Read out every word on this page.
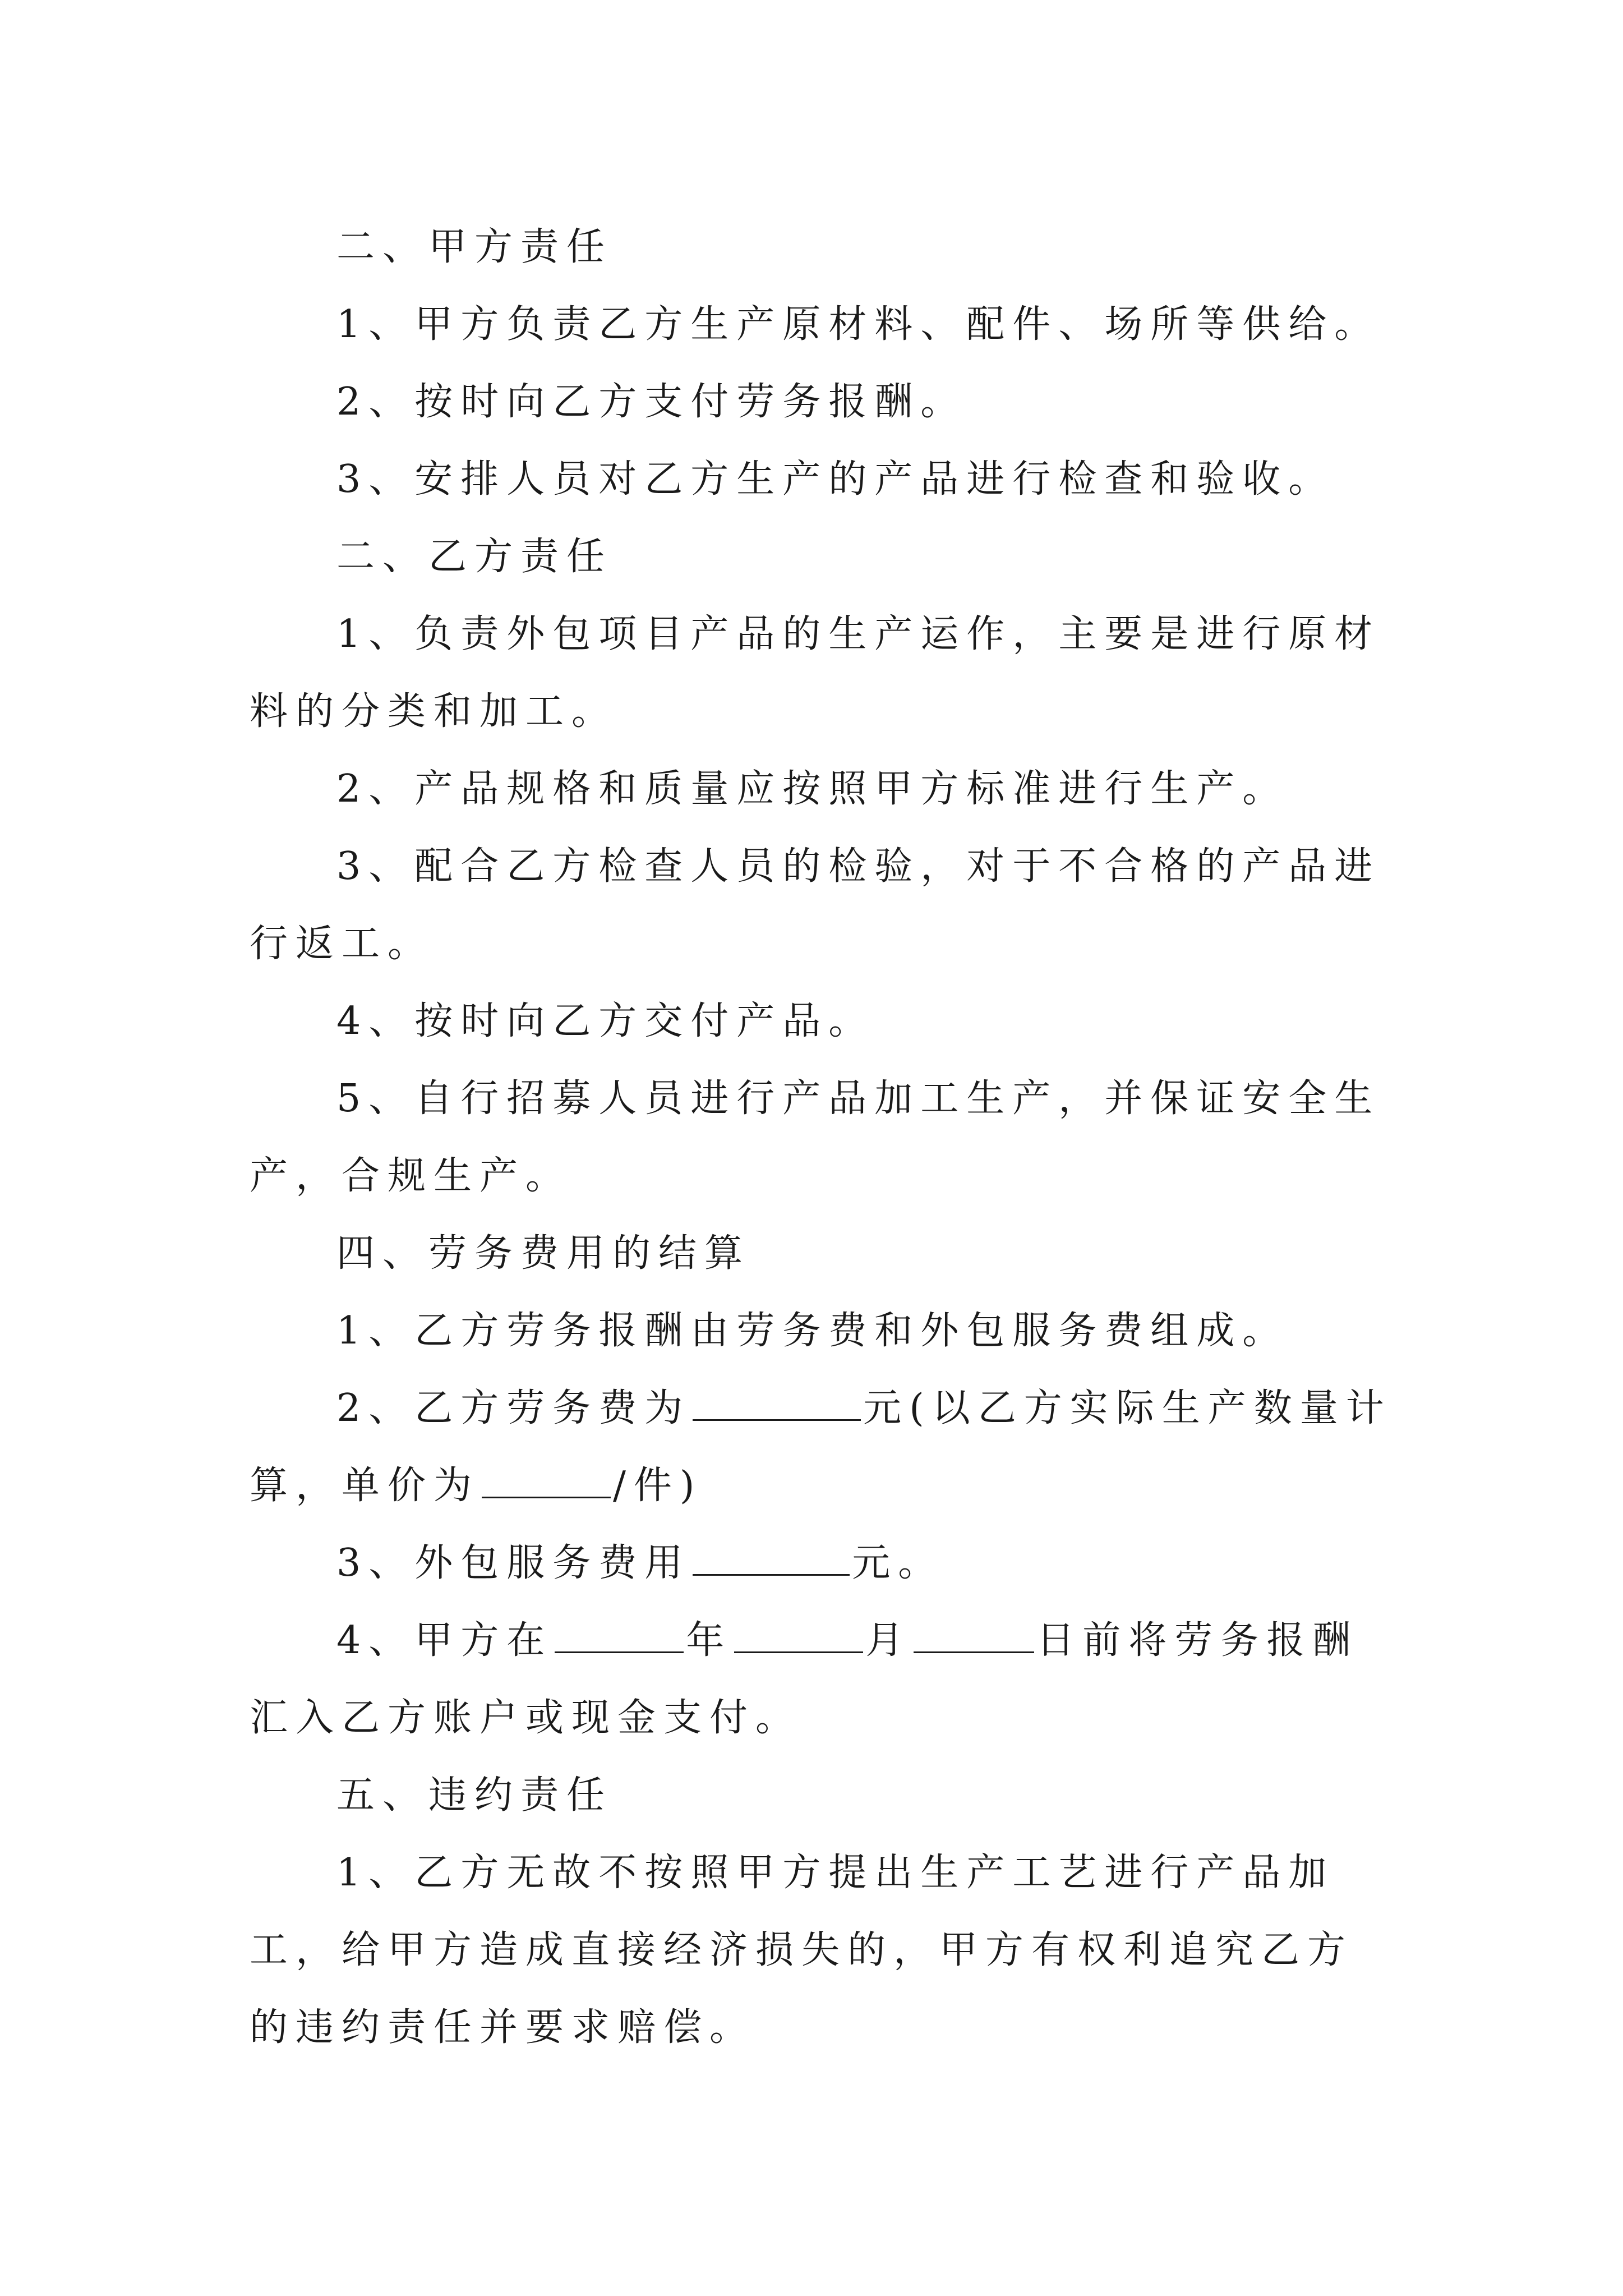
二、甲方责任

1、甲方负责乙方生产原材料、配件、场所等供给。

2、按时向乙方支付劳务报酬。

3、安排人员对乙方生产的产品进行检查和验收。

二、乙方责任

1、负责外包项目产品的生产运作，主要是进行原材料的分类和加工。

2、产品规格和质量应按照甲方标准进行生产。

3、配合乙方检查人员的检验，对于不合格的产品进行返工。

4、按时向乙方交付产品。

5、自行招募人员进行产品加工生产，并保证安全生产，合规生产。

四、劳务费用的结算

1、乙方劳务报酬由劳务费和外包服务费组成。

2、乙方劳务费为	元(以乙方实际生产数量计算，单价为	/件)

3、外包服务费用	元。

4、甲方在	年	月	日前将劳务报酬汇入乙方账户或现金支付。

五、违约责任

1、乙方无故不按照甲方提出生产工艺进行产品加工，给甲方造成直接经济损失的，甲方有权利追究乙方的违约责任并要求赔偿。
